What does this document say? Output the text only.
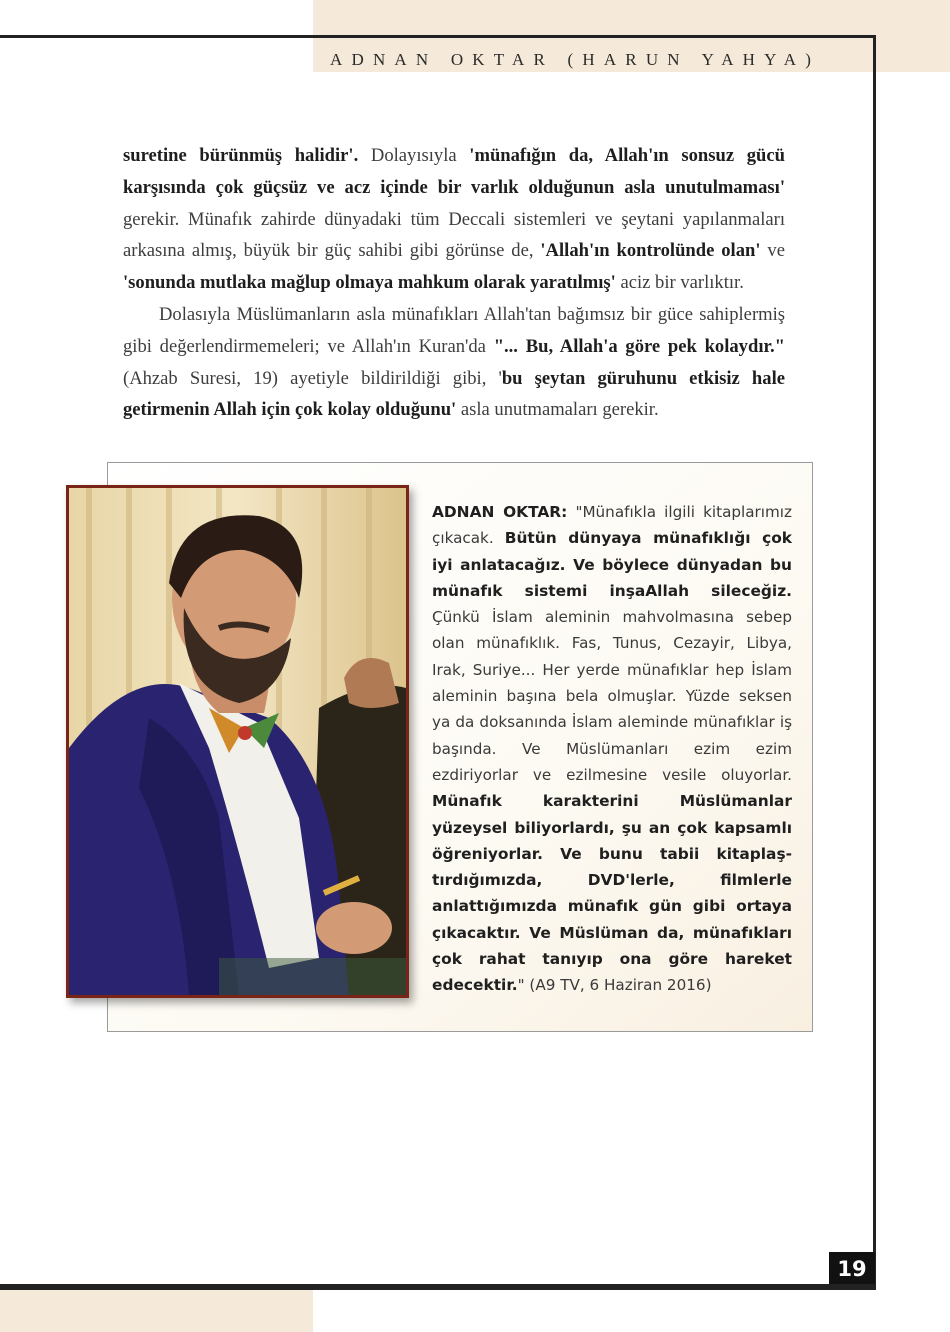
ADNAN OKTAR (HARUN YAHYA)

suretine bürünmüş halidir'. Dolayısıyla 'münafığın da, Allah'ın sonsuz gücü karşısında çok güçsüz ve acz içinde bir varlık olduğunun asla unutulmaması' gerekir. Münafık zahirde dünyadaki tüm Deccali sistemleri ve şeytani yapılanmaları arkasına almış, büyük bir güç sahibi gibi görünse de, 'Allah'ın kontrolünde olan' ve 'sonunda mutlaka mağlup olmaya mahkum olarak yaratılmış' aciz bir varlıktır.

Dolasıyla Müslümanların asla münafıkları Allah'tan bağımsız bir güce sahiplermiş gibi değerlendirmemeleri; ve Allah'ın Kuran'da "... Bu, Allah'a göre pek kolaydır." (Ahzab Suresi, 19) ayetiyle bildirildiği gibi, 'bu şeytan güruhunu etkisiz hale getirmenin Allah için çok kolay olduğunu' asla unutmamaları gerekir.

ADNAN OKTAR: "Münafıkla ilgili kitaplarımız çıkacak. Bütün dünyaya münafıklığı çok iyi anlatacağız. Ve böylece dünyadan bu münafık sistemi inşaAllah sileceğiz. Çünkü İslam aleminin mahvolmasına sebep olan münafıklık. Fas, Tunus, Cezayir, Libya, Irak, Suriye... Her yerde münafıklar hep İslam aleminin başına bela olmuşlar. Yüzde seksen ya da doksanında İslam aleminde münafıklar iş başında. Ve Müslümanları ezim ezim ezdiriyorlar ve ezilmesine vesile oluyorlar. Münafık karakterini Müslümanlar yüzeysel biliyorlardı, şu an çok kapsamlı öğreniyorlar. Ve bunu tabii kitaplaştırdığımızda, DVD'lerle, filmlerle anlattığımızda münafık gün gibi ortaya çıkacaktır. Ve Müslüman da, münafıkları çok rahat tanıyıp ona göre hareket edecektir." (A9 TV, 6 Haziran 2016)
19
